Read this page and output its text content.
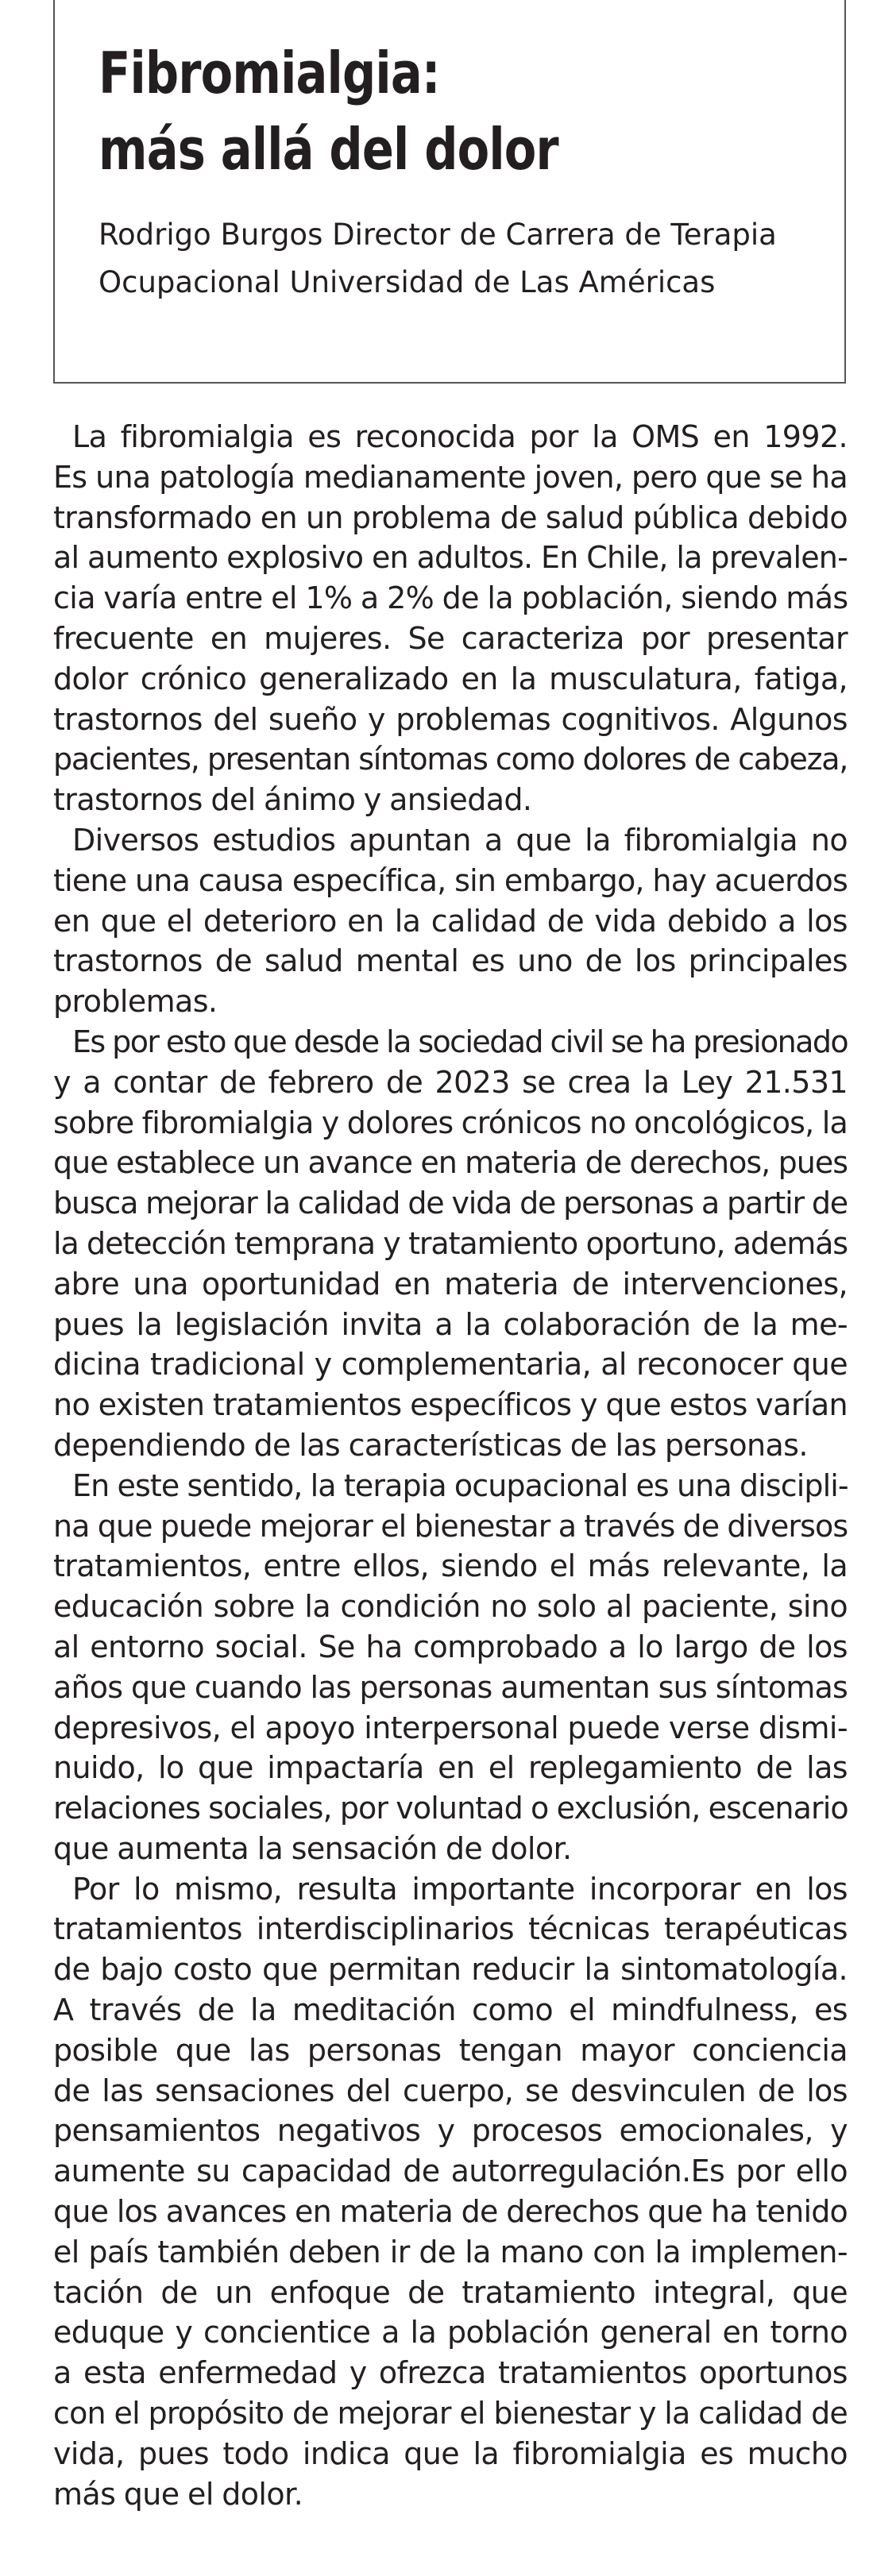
Fibromialgia:
más allá del dolor
Rodrigo Burgos Director de Carrera de Terapia
Ocupacional Universidad de Las Américas
La fibromialgia es reconocida por la OMS en 1992.
Es una patología medianamente joven, pero que se ha
transformado en un problema de salud pública debido
al aumento explosivo en adultos. En Chile, la prevalen-
cia varía entre el 1% a 2% de la población, siendo más
frecuente en mujeres. Se caracteriza por presentar
dolor crónico generalizado en la musculatura, fatiga,
trastornos del sueño y problemas cognitivos. Algunos
pacientes, presentan síntomas como dolores de cabeza,
trastornos del ánimo y ansiedad.
Diversos estudios apuntan a que la fibromialgia no
tiene una causa específica, sin embargo, hay acuerdos
en que el deterioro en la calidad de vida debido a los
trastornos de salud mental es uno de los principales
problemas.
Es por esto que desde la sociedad civil se ha presionado
y a contar de febrero de 2023 se crea la Ley 21.531
sobre fibromialgia y dolores crónicos no oncológicos, la
que establece un avance en materia de derechos, pues
busca mejorar la calidad de vida de personas a partir de
la detección temprana y tratamiento oportuno, además
abre una oportunidad en materia de intervenciones,
pues la legislación invita a la colaboración de la me-
dicina tradicional y complementaria, al reconocer que
no existen tratamientos específicos y que estos varían
dependiendo de las características de las personas.
En este sentido, la terapia ocupacional es una discipli-
na que puede mejorar el bienestar a través de diversos
tratamientos, entre ellos, siendo el más relevante, la
educación sobre la condición no solo al paciente, sino
al entorno social. Se ha comprobado a lo largo de los
años que cuando las personas aumentan sus síntomas
depresivos, el apoyo interpersonal puede verse dismi-
nuido, lo que impactaría en el replegamiento de las
relaciones sociales, por voluntad o exclusión, escenario
que aumenta la sensación de dolor.
Por lo mismo, resulta importante incorporar en los
tratamientos interdisciplinarios técnicas terapéuticas
de bajo costo que permitan reducir la sintomatología.
A través de la meditación como el mindfulness, es
posible que las personas tengan mayor conciencia
de las sensaciones del cuerpo, se desvinculen de los
pensamientos negativos y procesos emocionales, y
aumente su capacidad de autorregulación.Es por ello
que los avances en materia de derechos que ha tenido
el país también deben ir de la mano con la implemen-
tación de un enfoque de tratamiento integral, que
eduque y concientice a la población general en torno
a esta enfermedad y ofrezca tratamientos oportunos
con el propósito de mejorar el bienestar y la calidad de
vida, pues todo indica que la fibromialgia es mucho
más que el dolor.
